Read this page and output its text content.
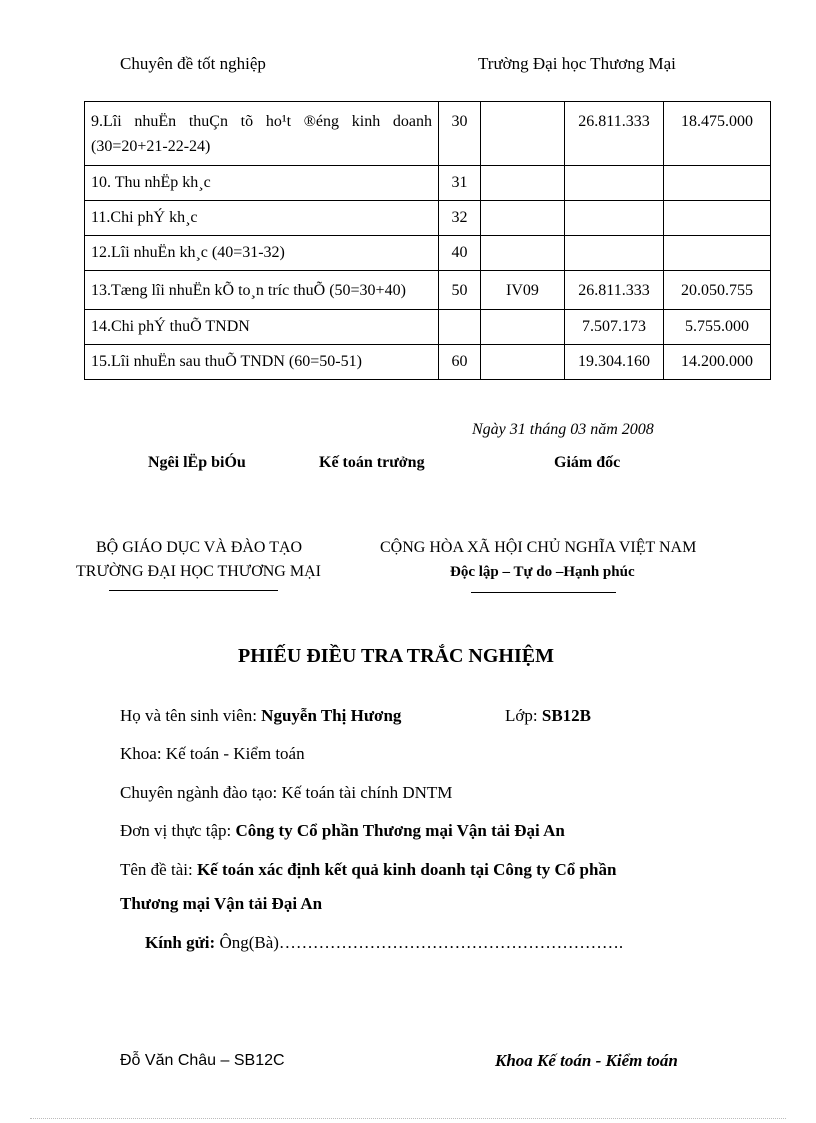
Chuyên đề tốt nghiệp	Trường Đại học Thương Mại
9.Lîi nhuËn thuÇn tõ ho¹t ®éng kinh doanh (30=20+21-22-24)	30		26.811.333	18.475.000
10. Thu nhËp kh¸c	31			
11.Chi phÝ kh¸c	32			
12.Lîi nhuËn kh¸c (40=31-32)	40			
13.Tæng lîi nhuËn kÕ to¸n tríc thuÕ (50=30+40)	50	IV09	26.811.333	20.050.755
14.Chi phÝ thuÕ TNDN			7.507.173	5.755.000
15.Lîi nhuËn sau thuÕ TNDN (60=50-51)	60		19.304.160	14.200.000
Ngày 31 tháng 03 năm 2008
Ngêi lËp biÓu	Kế toán trưởng	Giám đốc
BỘ GIÁO DỤC VÀ ĐÀO TẠO
TRƯỜNG ĐẠI HỌC THƯƠNG MẠI
CỘNG HÒA XÃ HỘI CHỦ NGHĨA VIỆT NAM
Độc lập – Tự do –Hạnh phúc
PHIẾU ĐIỀU TRA TRẮC NGHIỆM
Họ và tên sinh viên: Nguyễn Thị Hương	Lớp: SB12B
Khoa: Kế toán - Kiểm toán
Chuyên ngành đào tạo: Kế toán tài chính DNTM
Đơn vị thực tập: Công ty Cổ phần Thương mại Vận tải Đại An
Tên đề tài: Kế toán xác định kết quả kinh doanh tại Công ty Cổ phần
Thương mại Vận tải Đại An
Kính gửi: Ông(Bà)…………………………………………………….
Đỗ Văn Châu – SB12C	Khoa Kế toán - Kiểm toán
